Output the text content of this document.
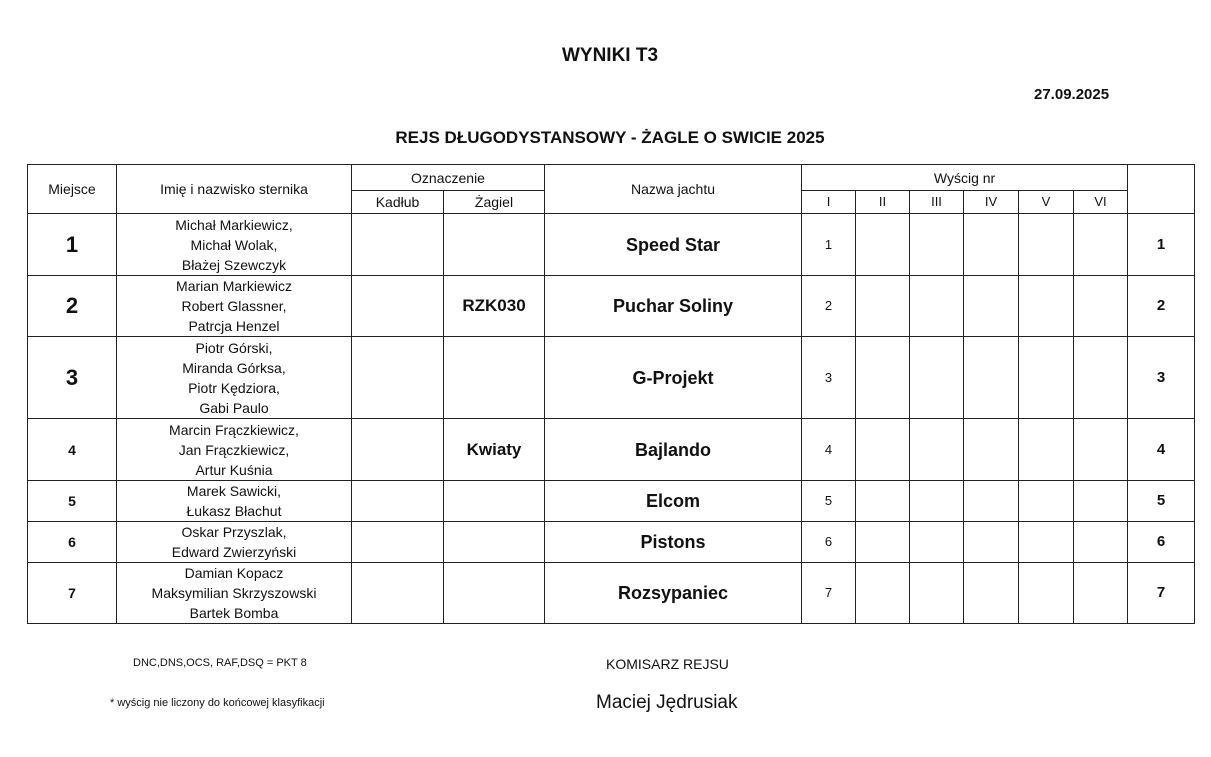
WYNIKI T3
27.09.2025
REJS DŁUGODYSTANSOWY - ŻAGLE O SWICIE 2025
Miejsce	Imię i nazwisko sternika	Oznaczenie		Nazwa jachtu	Wyścig nr						
		Kadłub	Żagiel		I	II	III	IV	V	VI	
1	Michał Markiewicz,
Michał Wolak,
Błażej Szewczyk			Speed Star	1						1
2	Marian Markiewicz
Robert Glassner,
Patrcja Henzel		RZK030	Puchar Soliny	2						2
3	Piotr Górski,
Miranda Górksa,
Piotr Kędziora,
Gabi Paulo			G-Projekt	3						3
4	Marcin Frączkiewicz,
Jan Frączkiewicz,
Artur Kuśnia		Kwiaty	Bajlando	4						4
5	Marek Sawicki,
Łukasz Błachut			Elcom	5						5
6	Oskar Przyszlak,
Edward Zwierzyński			Pistons	6						6
7	Damian Kopacz
Maksymilian Skrzyszowski
Bartek Bomba			Rozsypaniec	7						7
DNC,DNS,OCS, RAF,DSQ = PKT 8
* wyścig nie liczony do końcowej klasyfikacji
KOMISARZ REJSU
Maciej Jędrusiak
